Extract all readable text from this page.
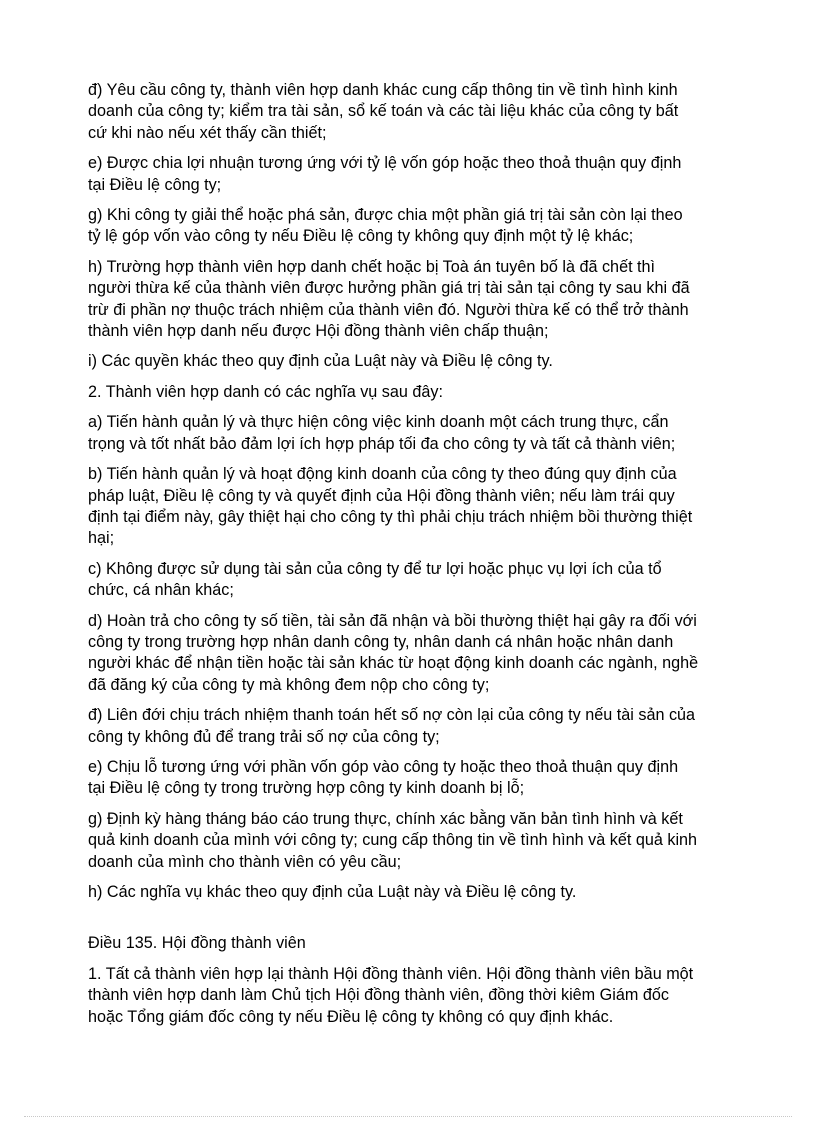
đ) Yêu cầu công ty, thành viên hợp danh khác cung cấp thông tin về tình hình kinh
doanh của công ty; kiểm tra tài sản, sổ kế toán và các tài liệu khác của công ty bất
cứ khi nào nếu xét thấy cần thiết;
e) Được chia lợi nhuận tương ứng với tỷ lệ vốn góp hoặc theo thoả thuận quy định
tại Điều lệ công ty;
g) Khi công ty giải thể hoặc phá sản, được chia một phần giá trị tài sản còn lại theo
tỷ lệ góp vốn vào công ty nếu Điều lệ công ty không quy định một tỷ lệ khác;
h) Trường hợp thành viên hợp danh chết hoặc bị Toà án tuyên bố là đã chết thì
người thừa kế của thành viên được hưởng phần giá trị tài sản tại công ty sau khi đã
trừ đi phần nợ thuộc trách nhiệm của thành viên đó. Người thừa kế có thể trở thành
thành viên hợp danh nếu được Hội đồng thành viên chấp thuận;
i) Các quyền khác theo quy định của Luật này và Điều lệ công ty.
2. Thành viên hợp danh có các nghĩa vụ sau đây:
a) Tiến hành quản lý và thực hiện công việc kinh doanh một cách trung thực, cẩn
trọng và tốt nhất bảo đảm lợi ích hợp pháp tối đa cho công ty và tất cả thành viên;
b) Tiến hành quản lý và hoạt động kinh doanh của công ty theo đúng quy định của
pháp luật, Điều lệ công ty và quyết định của Hội đồng thành viên; nếu làm trái quy
định tại điểm này, gây thiệt hại cho công ty thì phải chịu trách nhiệm bồi thường thiệt
hại;
c) Không được sử dụng tài sản của công ty để tư lợi hoặc phục vụ lợi ích của tổ
chức, cá nhân khác;
d) Hoàn trả cho công ty số tiền, tài sản đã nhận và bồi thường thiệt hại gây ra đối với
công ty trong trường hợp nhân danh công ty, nhân danh cá nhân hoặc nhân danh
người khác để nhận tiền hoặc tài sản khác từ hoạt động kinh doanh các ngành, nghề
đã đăng ký của công ty mà không đem nộp cho công ty;
đ) Liên đới chịu trách nhiệm thanh toán hết số nợ còn lại của công ty nếu tài sản của
công ty không đủ để trang trải số nợ của công ty;
e) Chịu lỗ tương ứng với phần vốn góp vào công ty hoặc theo thoả thuận quy định
tại Điều lệ công ty trong trường hợp công ty kinh doanh bị lỗ;
g) Định kỳ hàng tháng báo cáo trung thực, chính xác bằng văn bản tình hình và kết
quả kinh doanh của mình với công ty; cung cấp thông tin về tình hình và kết quả kinh
doanh của mình cho thành viên có yêu cầu;
h) Các nghĩa vụ khác theo quy định của Luật này và Điều lệ công ty.
Điều 135. Hội đồng thành viên
1. Tất cả thành viên hợp lại thành Hội đồng thành viên. Hội đồng thành viên bầu một
thành viên hợp danh làm Chủ tịch Hội đồng thành viên, đồng thời kiêm Giám đốc
hoặc Tổng giám đốc công ty nếu Điều lệ công ty không có quy định khác.
